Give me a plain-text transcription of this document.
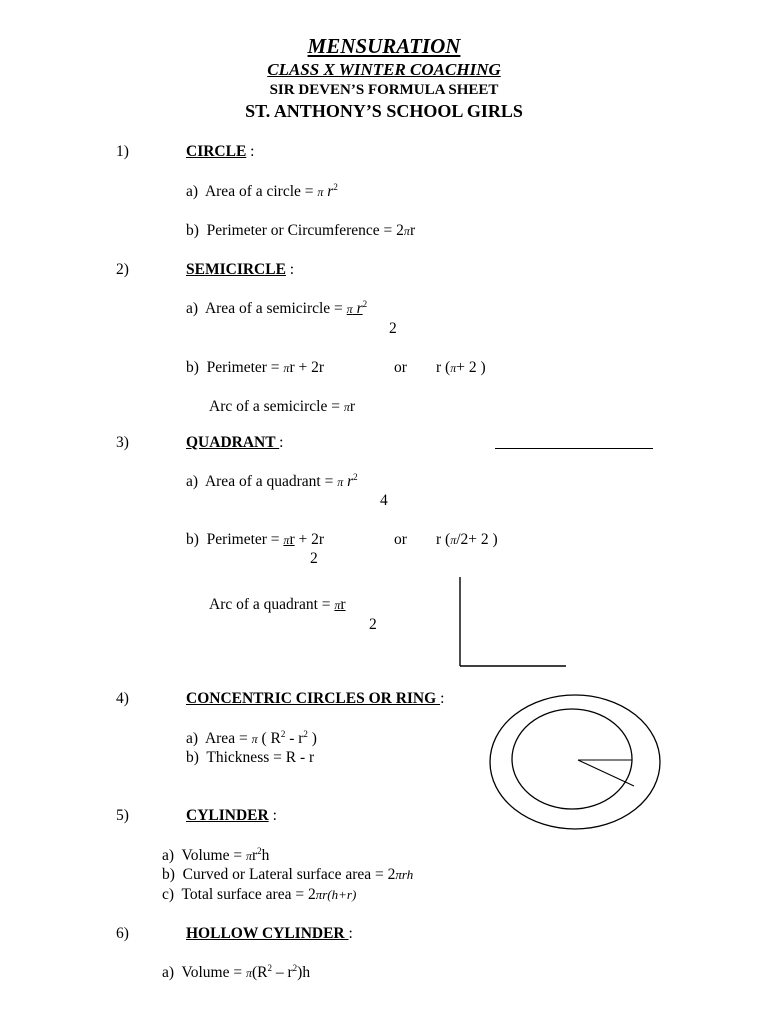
MENSURATION
CLASS X WINTER COACHING
SIR DEVEN’S FORMULA SHEET
ST. ANTHONY’S SCHOOL GIRLS
1)	CIRCLE :
a) Area of a circle = π $r^2$
b) Perimeter or Circumference = 2πr
2)	SEMICIRCLE :
a) Area of a semicircle = π $r^2$
2
b) Perimeter = πr + 2r	or r (π+ 2 )
Arc of a semicircle = πr
3)	QUADRANT :
a) Area of a quadrant = π $r^2$
4
b) Perimeter = πr + 2r
2
or r (π/2+ 2 )
Arc of a quadrant = πr
2
4)	CONCENTRIC CIRCLES OR RING :
a) Area = π ( $R^2 - r^2$ )
b) Thickness = R - r
5)	CYLINDER :
a) Volume = $\pi r^2h$
b) Curved or Lateral surface area = 2πrh
c) Total surface area = 2πr(h+r)
6)	HOLLOW CYLINDER :
a) Volume = $\pi(R^2 - r^2)h$
